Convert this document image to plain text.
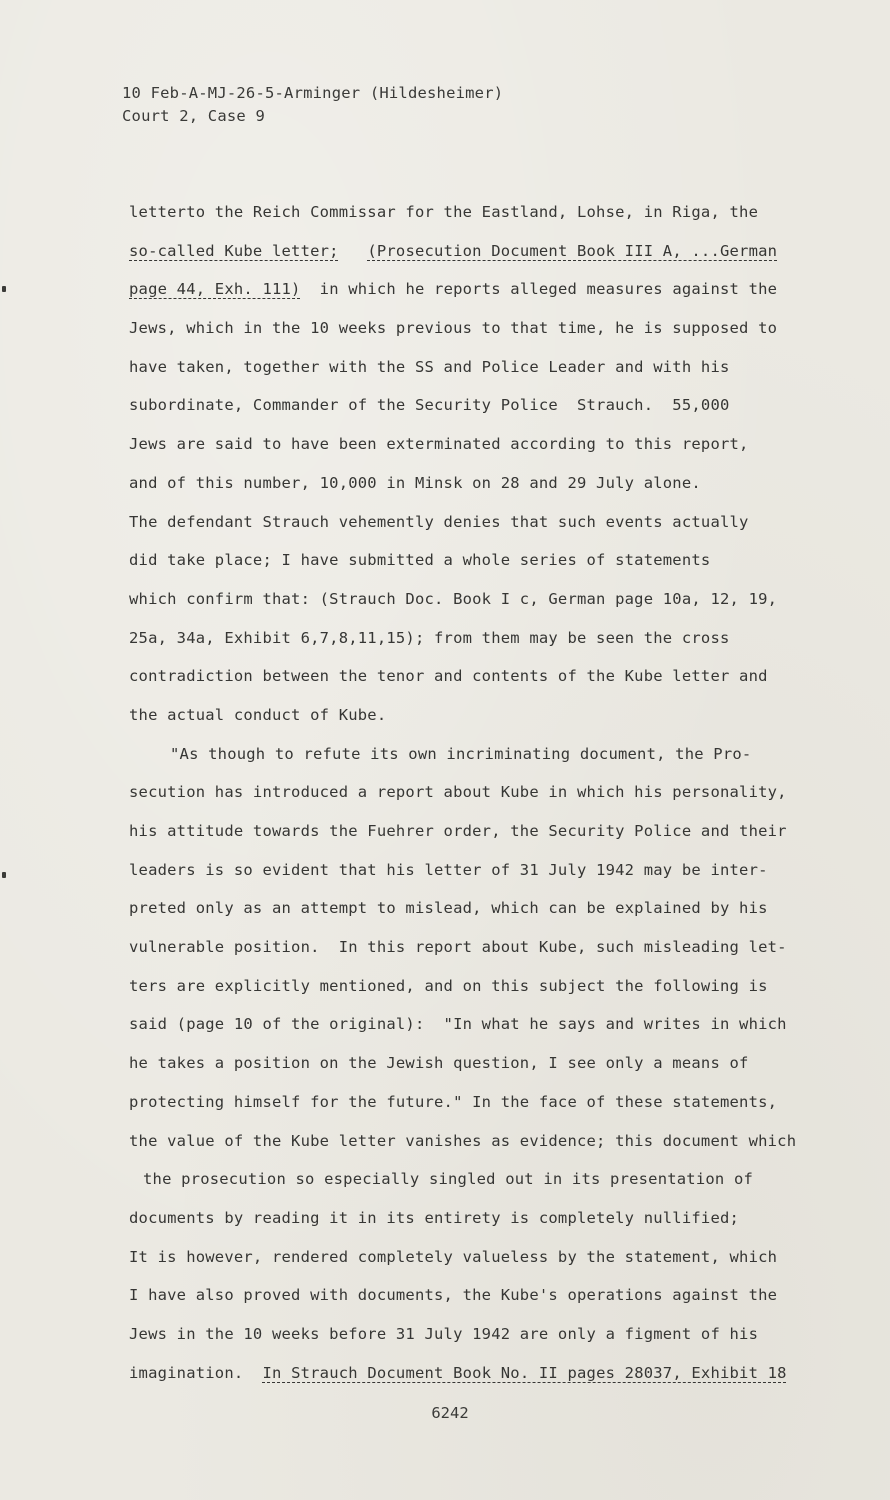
10 Feb-A-MJ-26-5-Arminger (Hildesheimer)
Court 2, Case 9
letterto the Reich Commissar for the Eastland, Lohse, in Riga, the
so-called Kube letter; (Prosecution Document Book III A, ...German
page 44, Exh. 111) in which he reports alleged measures against the
Jews, which in the 10 weeks previous to that time, he is supposed to
have taken, together with the SS and Police Leader and with his
subordinate, Commander of the Security Police  Strauch.  55,000
Jews are said to have been exterminated according to this report,
and of this number, 10,000 in Minsk on 28 and 29 July alone.
The defendant Strauch vehemently denies that such events actually
did take place; I have submitted a whole series of statements
which confirm that: (Strauch Doc. Book I c, German page 10a, 12, 19,
25a, 34a, Exhibit 6,7,8,11,15); from them may be seen the cross
contradiction between the tenor and contents of the Kube letter and
the actual conduct of Kube.
"As though to refute its own incriminating document, the Pro-
secution has introduced a report about Kube in which his personality,
his attitude towards the Fuehrer order, the Security Police and their
leaders is so evident that his letter of 31 July 1942 may be inter-
preted only as an attempt to mislead, which can be explained by his
vulnerable position.  In this report about Kube, such misleading let-
ters are explicitly mentioned, and on this subject the following is
said (page 10 of the original):  "In what he says and writes in which
he takes a position on the Jewish question, I see only a means of
protecting himself for the future." In the face of these statements,
the value of the Kube letter vanishes as evidence; this document which
the prosecution so especially singled out in its presentation of
documents by reading it in its entirety is completely nullified;
It is however, rendered completely valueless by the statement, which
I have also proved with documents, the Kube's operations against the
Jews in the 10 weeks before 31 July 1942 are only a figment of his
imagination. In Strauch Document Book No. II pages 28037, Exhibit 18
6242
